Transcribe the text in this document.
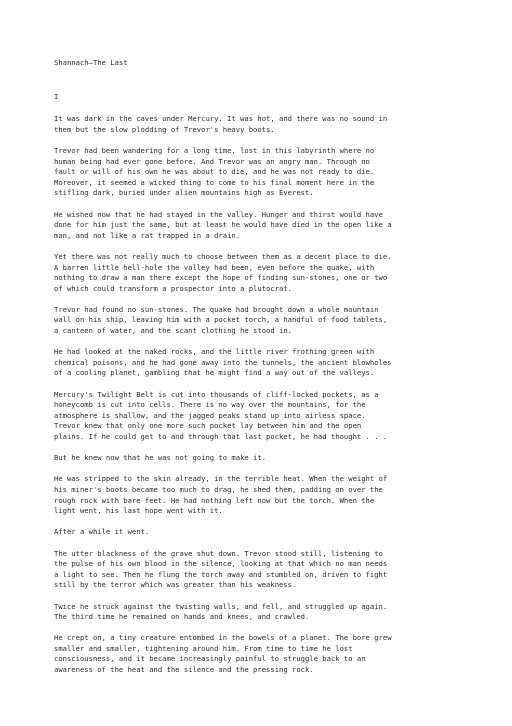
Shannach—The Last
I
It was dark in the caves under Mercury. It was hot, and there was no sound in
them but the slow plodding of Trevor's heavy boots.
Trevor had been wandering for a long time, lost in this labyrinth where no
human being had ever gone before. And Trevor was an angry man. Through no
fault or will of his own he was about to die, and he was not ready to die.
Moreover, it seemed a wicked thing to come to his final moment here in the
stifling dark, buried under alien mountains high as Everest.
He wished now that he had stayed in the valley. Hunger and thirst would have
done for him just the same, but at least he would have died in the open like a
man, and not like a rat trapped in a drain.
Yet there was not really much to choose between them as a decent place to die.
A barren little hell-hole the valley had been, even before the quake, with
nothing to draw a man there except the hope of finding sun-stones, one or two
of which could transform a prospector into a plutocrat.
Trevor had found no sun-stones. The quake had brought down a whole mountain
wall on his ship, leaving him with a pocket torch, a handful of food tablets,
a canteen of water, and the scant clothing he stood in.
He had looked at the naked rocks, and the little river frothing green with
chemical poisons, and he had gone away into the tunnels, the ancient blowholes
of a cooling planet, gambling that he might find a way out of the valleys.
Mercury's Twilight Belt is cut into thousands of cliff-locked pockets, as a
honeycomb is cut into cells. There is no way over the mountains, for the
atmosphere is shallow, and the jagged peaks stand up into airless space.
Trevor knew that only one more such pocket lay between him and the open
plains. If he could get to and through that last pocket, he had thought . . .
But he knew now that he was not going to make it.
He was stripped to the skin already, in the terrible heat. When the weight of
his miner's boots became too much to drag, he shed them, padding on over the
rough rock with bare feet. He had nothing left now but the torch. When the
light went, his last hope went with it.
After a while it went.
The utter blackness of the grave shut down. Trevor stood still, listening to
the pulse of his own blood in the silence, looking at that which no man needs
a light to see. Then he flung the torch away and stumbled on, driven to fight
still by the terror which was greater than his weakness.
Twice he struck against the twisting walls, and fell, and struggled up again.
The third time he remained on hands and knees, and crawled.
He crept on, a tiny creature entombed in the bowels of a planet. The bore grew
smaller and smaller, tightening around him. From time to time he lost
consciousness, and it became increasingly painful to struggle back to an
awareness of the heat and the silence and the pressing rock.
